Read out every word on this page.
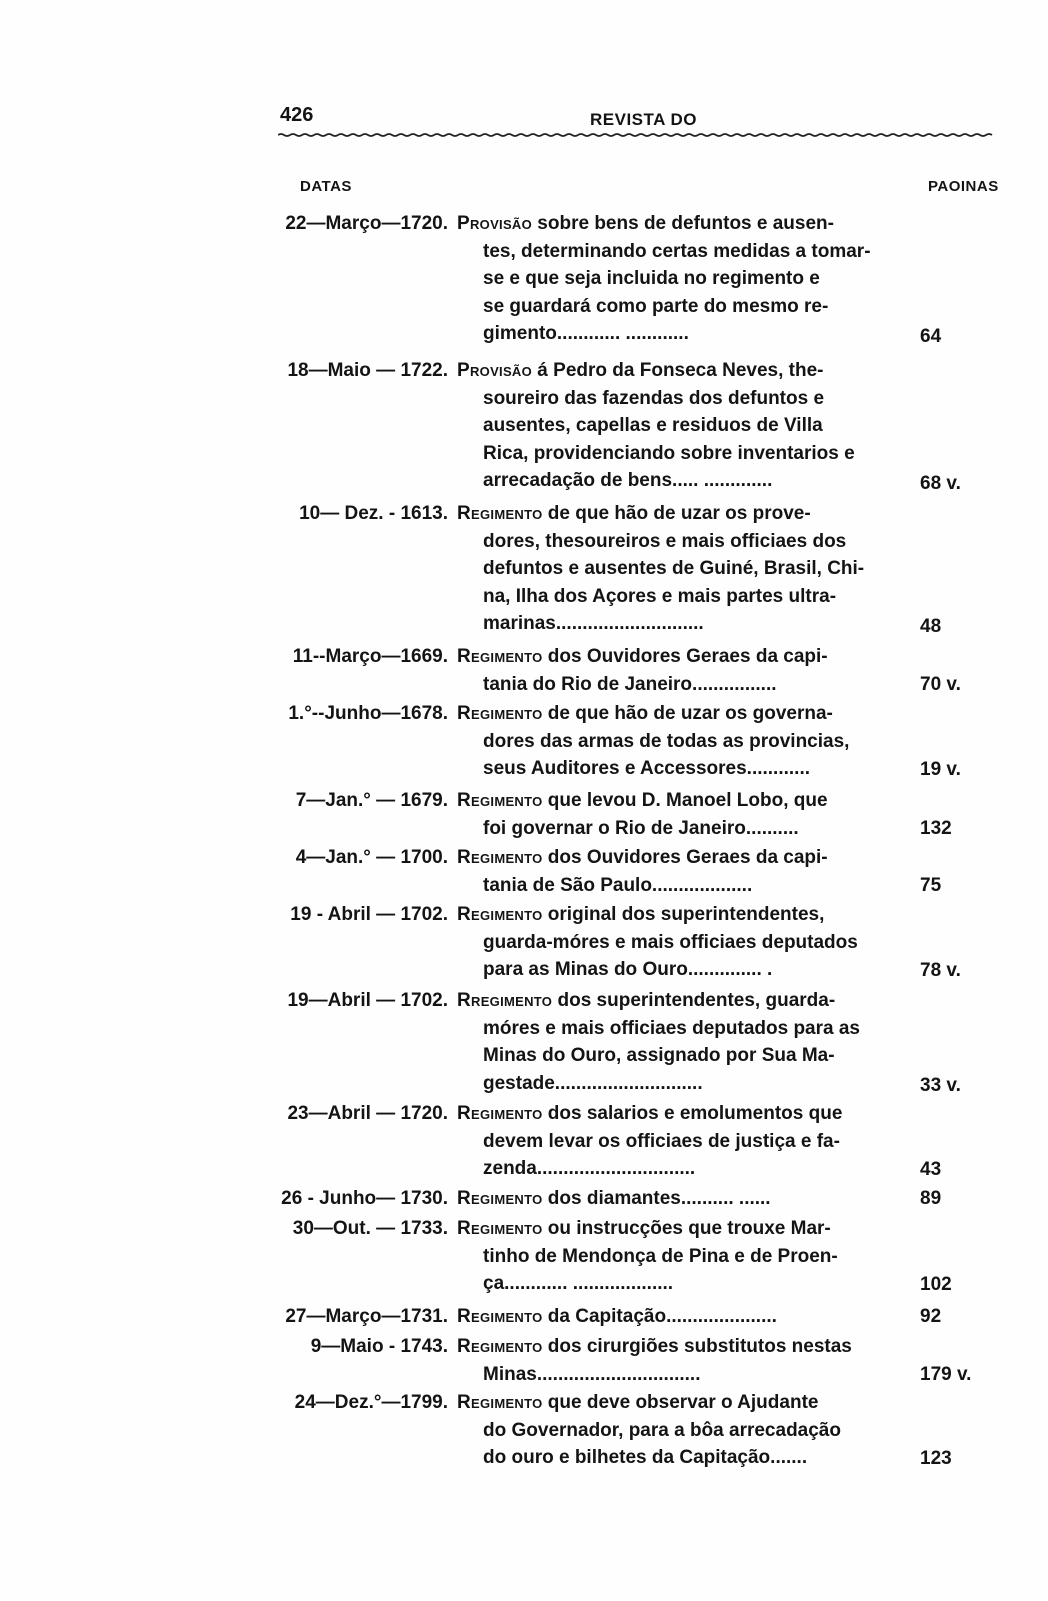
426	REVISTA DO
DATAS	PAOINAS
22—Março—1720. Provisão sobre bens de defuntos e ausen-
tes, determinando certas medidas a tomar-
se e que seja incluida no regimento e
se guardará como parte do mesmo re-
gimento............ ............	64
18—Maio — 1722. Provisão á Pedro da Fonseca Neves, the-
soureiro das fazendas dos defuntos e
ausentes, capellas e residuos de Villa
Rica, providenciando sobre inventarios e
arrecadação de bens..... .............	68 v.
10— Dez. - 1613. Regimento de que hão de uzar os prove-
dores, thesoureiros e mais officiaes dos
defuntos e ausentes de Guiné, Brasil, Chi-
na, Ilha dos Açores e mais partes ultra-
marinas............................	48
11--Março—1669. Regimento dos Ouvidores Geraes da capi-
tania do Rio de Janeiro................	70 v.
1.°--Junho—1678. Regimento de que hão de uzar os governa-
dores das armas de todas as provincias,
seus Auditores e Accessores............	19 v.
7—Jan.° — 1679. Regimento que levou D. Manoel Lobo, que
foi governar o Rio de Janeiro..........	132
4—Jan.° — 1700. Regimento dos Ouvidores Geraes da capi-
tania de São Paulo...................	75
19 - Abril — 1702. Regimento original dos superintendentes,
guarda-móres e mais officiaes deputados
para as Minas do Ouro.............. .	78 v.
19—Abril — 1702. Rregimento dos superintendentes, guarda-
móres e mais officiaes deputados para as
Minas do Ouro, assignado por Sua Ma-
gestade............................	33 v.
23—Abril — 1720. Regimento dos salarios e emolumentos que
devem levar os officiaes de justiça e fa-
zenda..............................	43
26 - Junho— 1730. Regimento dos diamantes.......... ......	89
30—Out. — 1733. Regimento ou instrucções que trouxe Mar-
tinho de Mendonça de Pina e de Proen-
ça............ ...................	102
27—Março—1731. Regimento da Capitação.....................	92
9—Maio - 1743. Regimento dos cirurgiões substitutos nestas
Minas...............................	179 v.
24—Dez.°—1799. Regimento que deve observar o Ajudante
do Governador, para a bôa arrecadação
do ouro e bilhetes da Capitação.......	123
